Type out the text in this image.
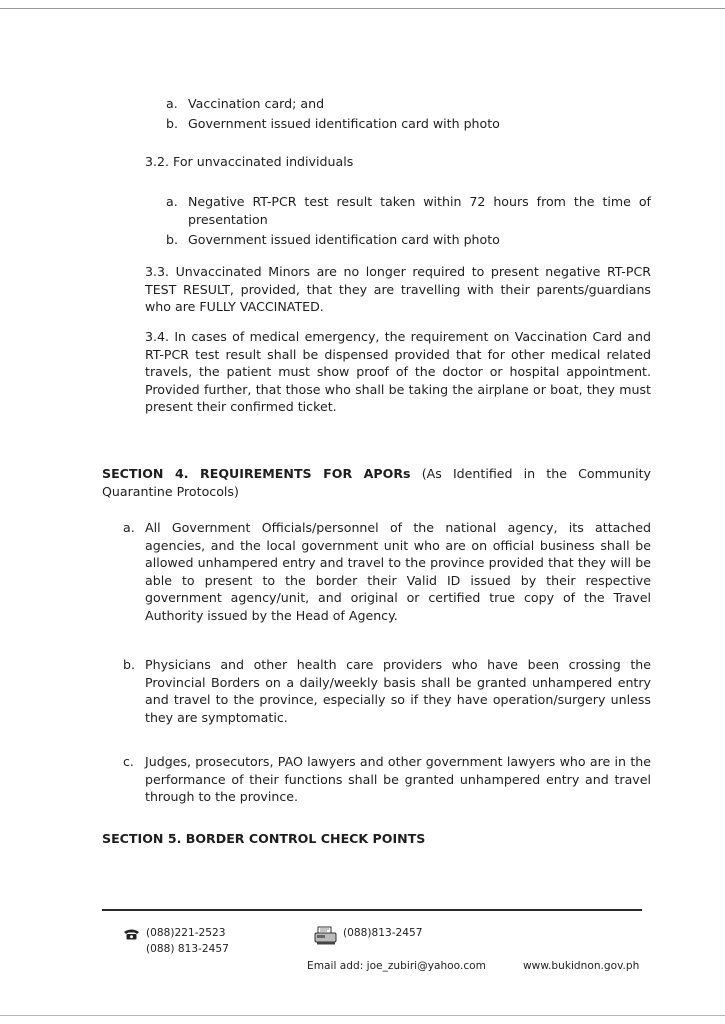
a. Vaccination card; and
b. Government issued identification card with photo
3.2. For unvaccinated individuals
a. Negative RT-PCR test result taken within 72 hours from the time of presentation
b. Government issued identification card with photo
3.3. Unvaccinated Minors are no longer required to present negative RT-PCR TEST RESULT, provided, that they are travelling with their parents/guardians who are FULLY VACCINATED.
3.4. In cases of medical emergency, the requirement on Vaccination Card and RT-PCR test result shall be dispensed provided that for other medical related travels, the patient must show proof of the doctor or hospital appointment. Provided further, that those who shall be taking the airplane or boat, they must present their confirmed ticket.
SECTION 4. REQUIREMENTS FOR APORs (As Identified in the Community Quarantine Protocols)
a. All Government Officials/personnel of the national agency, its attached agencies, and the local government unit who are on official business shall be allowed unhampered entry and travel to the province provided that they will be able to present to the border their Valid ID issued by their respective government agency/unit, and original or certified true copy of the Travel Authority issued by the Head of Agency.
b. Physicians and other health care providers who have been crossing the Provincial Borders on a daily/weekly basis shall be granted unhampered entry and travel to the province, especially so if they have operation/surgery unless they are symptomatic.
c. Judges, prosecutors, PAO lawyers and other government lawyers who are in the performance of their functions shall be granted unhampered entry and travel through to the province.
SECTION 5. BORDER CONTROL CHECK POINTS
(088)221-2523
(088) 813-2457
(088)813-2457
Email add: joe_zubiri@yahoo.com	www.bukidnon.gov.ph
